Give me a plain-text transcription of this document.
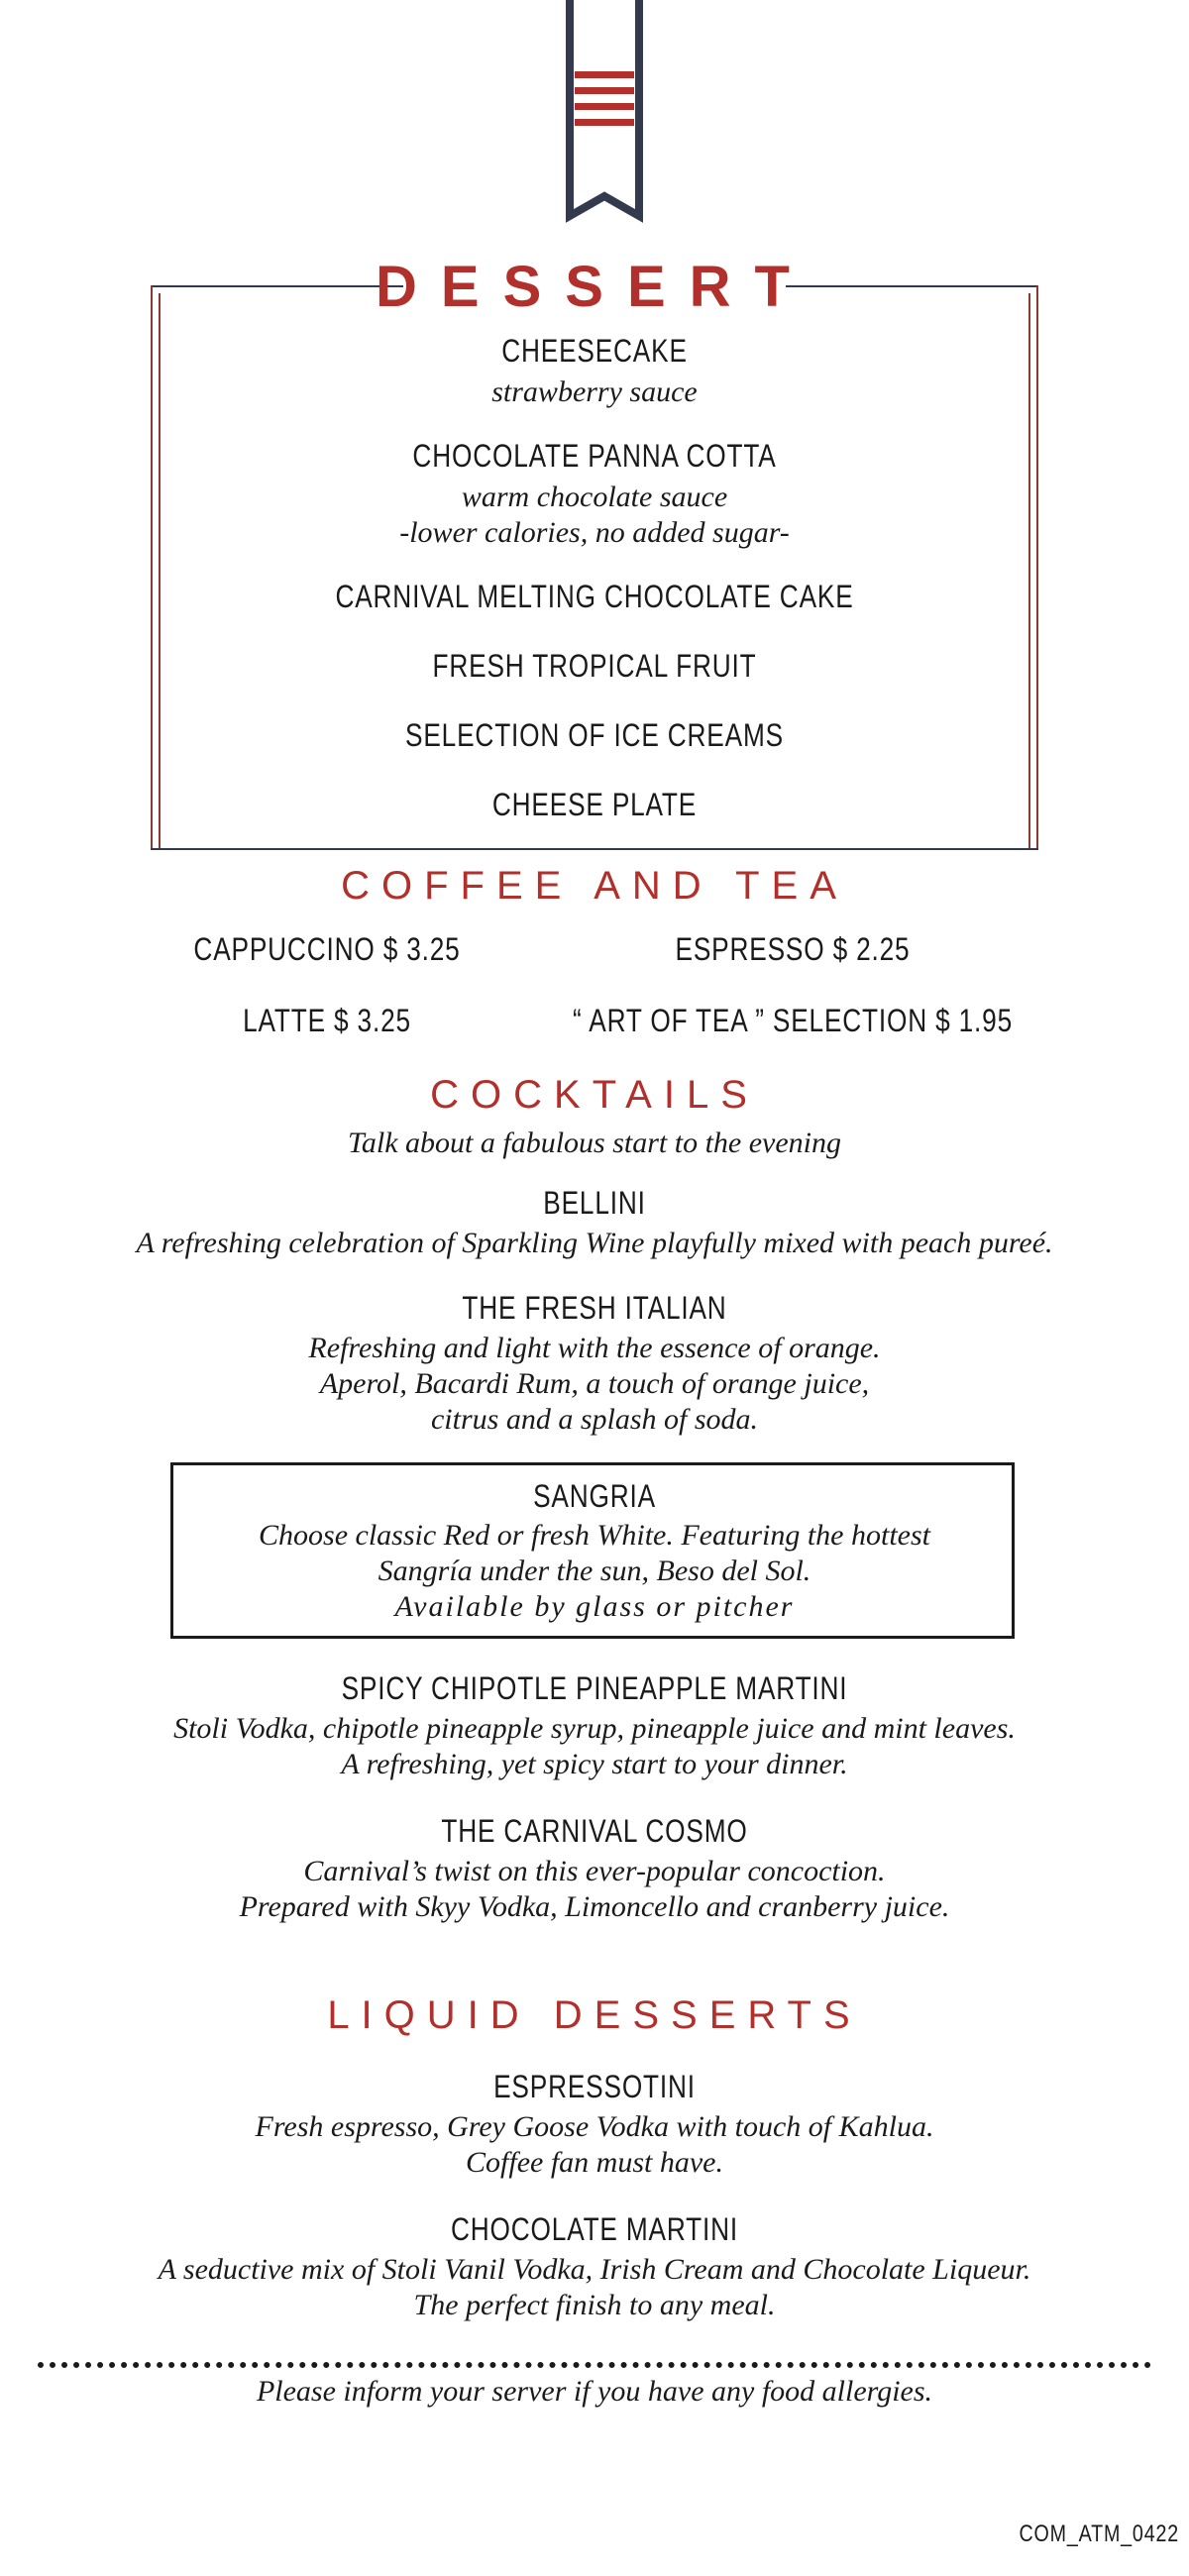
DESSERT
CHEESECAKE
strawberry sauce
CHOCOLATE PANNA COTTA
warm chocolate sauce
-lower calories, no added sugar-
CARNIVAL MELTING CHOCOLATE CAKE
FRESH TROPICAL FRUIT
SELECTION OF ICE CREAMS
CHEESE PLATE
COFFEE AND TEA
CAPPUCCINO $ 3.25	ESPRESSO $ 2.25
LATTE $ 3.25	“ ART OF TEA ” SELECTION $ 1.95
COCKTAILS
Talk about a fabulous start to the evening
BELLINI
A refreshing celebration of Sparkling Wine playfully mixed with peach pureé.
THE FRESH ITALIAN
Refreshing and light with the essence of orange.
Aperol, Bacardi Rum, a touch of orange juice,
citrus and a splash of soda.
SANGRIA
Choose classic Red or fresh White. Featuring the hottest
Sangría under the sun, Beso del Sol.
Available by glass or pitcher
SPICY CHIPOTLE PINEAPPLE MARTINI
Stoli Vodka, chipotle pineapple syrup, pineapple juice and mint leaves.
A refreshing, yet spicy start to your dinner.
THE CARNIVAL COSMO
Carnival’s twist on this ever-popular concoction.
Prepared with Skyy Vodka, Limoncello and cranberry juice.
LIQUID DESSERTS
ESPRESSOTINI
Fresh espresso, Grey Goose Vodka with touch of Kahlua.
Coffee fan must have.
CHOCOLATE MARTINI
A seductive mix of Stoli Vanil Vodka, Irish Cream and Chocolate Liqueur.
The perfect finish to any meal.
Please inform your server if you have any food allergies.
COM_ATM_0422
